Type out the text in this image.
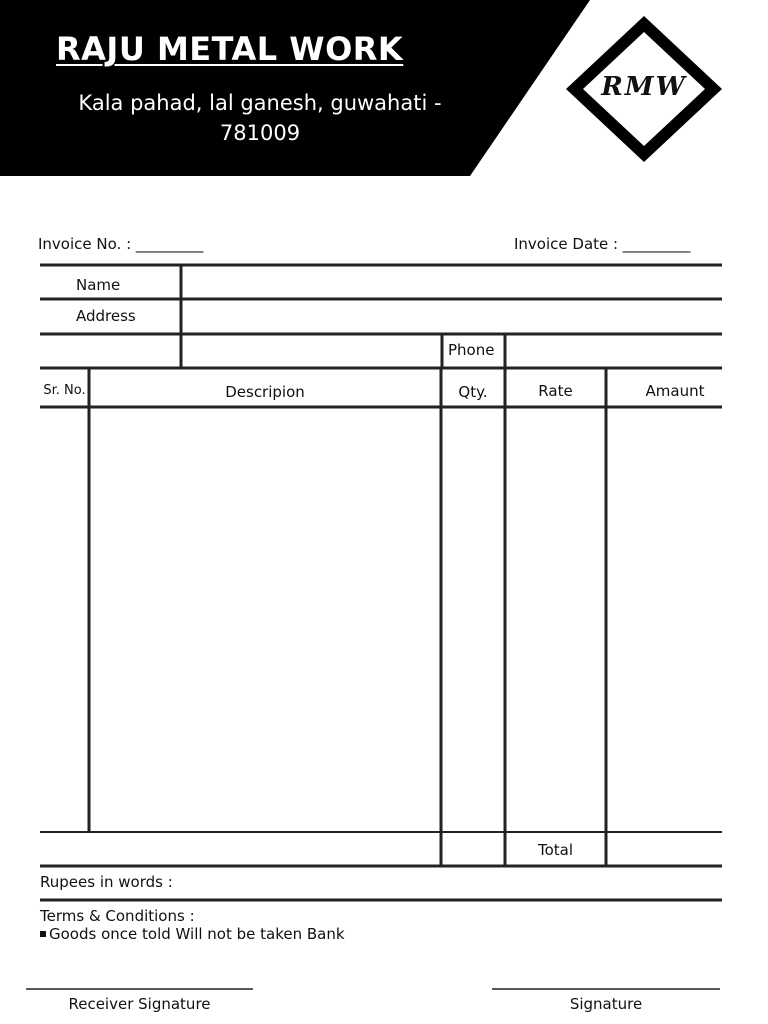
RAJU METAL WORK
Kala pahad, lal ganesh, guwahati -
781009
RMW
Invoice No. : _________	Invoice Date : _________
Name
Address
Phone
Sr. No.	Descripion	Qty.	Rate	Amaunt
Total
Rupees in words :
Terms & Conditions :
Goods once told Will not be taken Bank
Receiver Signature	Signature
